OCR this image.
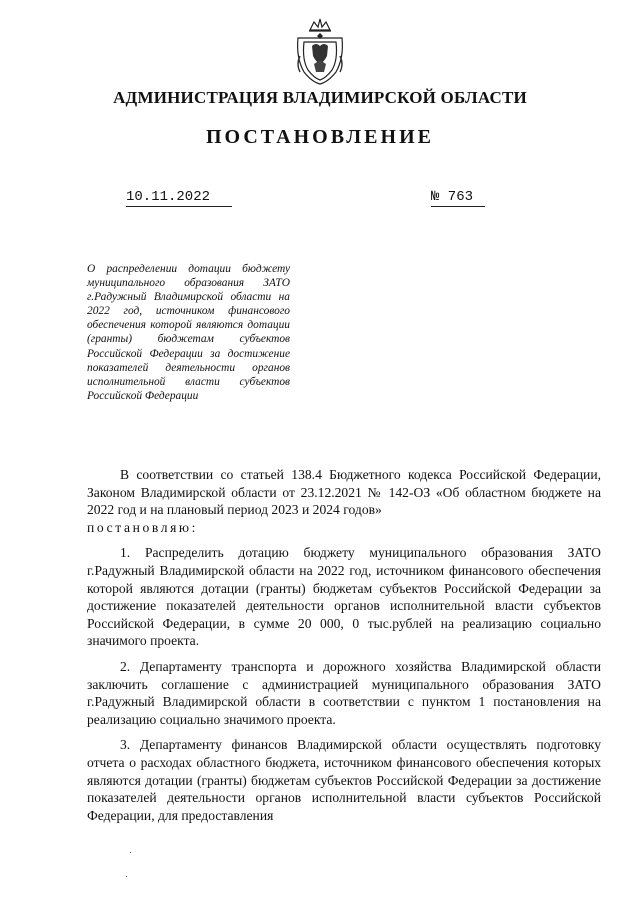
АДМИНИСТРАЦИЯ ВЛАДИМИРСКОЙ ОБЛАСТИ
ПОСТАНОВЛЕНИЕ
10.11.2022	№ 763
О распределении дотации бюджету муниципального образования ЗАТО г.Радужный Владимирской области на 2022 год, источником финансового обеспечения которой являются дотации (гранты) бюджетам субъектов Российской Федерации за достижение показателей деятельности органов исполнительной власти субъектов Российской Федерации

В соответствии со статьей 138.4 Бюджетного кодекса Российской Федерации, Законом Владимирской области от 23.12.2021 № 142-ОЗ «Об областном бюджете на 2022 год и на плановый период 2023 и 2024 годов»

постановляю:

1. Распределить дотацию бюджету муниципального образования ЗАТО г.Радужный Владимирской области на 2022 год, источником финансового обеспечения которой являются дотации (гранты) бюджетам субъектов Российской Федерации за достижение показателей деятельности органов исполнительной власти субъектов Российской Федерации, в сумме 20 000, 0 тыс.рублей на реализацию социально значимого проекта.

2. Департаменту транспорта и дорожного хозяйства Владимирской области заключить соглашение с администрацией муниципального образования ЗАТО г.Радужный Владимирской области в соответствии с пунктом 1 постановления на реализацию социально значимого проекта.

3. Департаменту финансов Владимирской области осуществлять подготовку отчета о расходах областного бюджета, источником финансового обеспечения которых являются дотации (гранты) бюджетам субъектов Российской Федерации за достижение показателей деятельности органов исполнительной власти субъектов Российской Федерации, для предоставления
